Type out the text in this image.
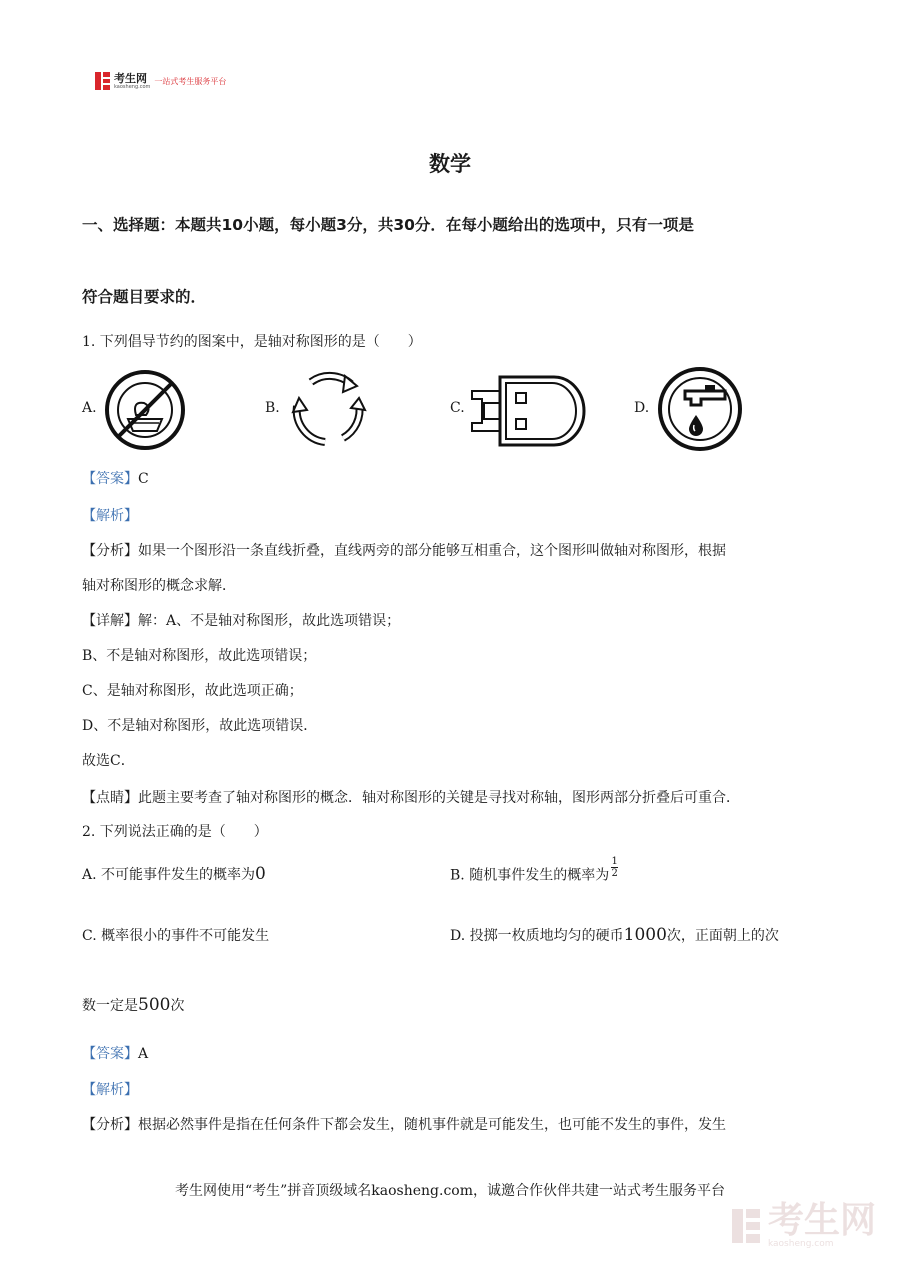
考生网
kaosheng.com
一站式考生服务平台
数学
一、选择题：本题共10小题，每小题3分，共30分．在每小题给出的选项中，只有一项是
符合题目要求的．
1. 下列倡导节约的图案中，是轴对称图形的是（　　）
A.	B.	C.	D.
【答案】C
【解析】
【分析】如果一个图形沿一条直线折叠，直线两旁的部分能够互相重合，这个图形叫做轴对称图形，根据
轴对称图形的概念求解．
【详解】解：A、不是轴对称图形，故此选项错误；
B、不是轴对称图形，故此选项错误；
C、是轴对称图形，故此选项正确；
D、不是轴对称图形，故此选项错误．
故选C．
【点睛】此题主要考查了轴对称图形的概念．轴对称图形的关键是寻找对称轴，图形两部分折叠后可重合．
2. 下列说法正确的是（　　）
A. 不可能事件发生的概率为0	B. 随机事件发生的概率为 $\frac{1}{2}$
C. 概率很小的事件不可能发生	D. 投掷一枚质地均匀的硬币1000次，正面朝上的次
数一定是500次
【答案】A
【解析】
【分析】根据必然事件是指在任何条件下都会发生，随机事件就是可能发生，也可能不发生的事件，发生
考生网使用“考生”拼音顶级域名kaosheng.com，诚邀合作伙伴共建一站式考生服务平台
考生网
kaosheng.com
